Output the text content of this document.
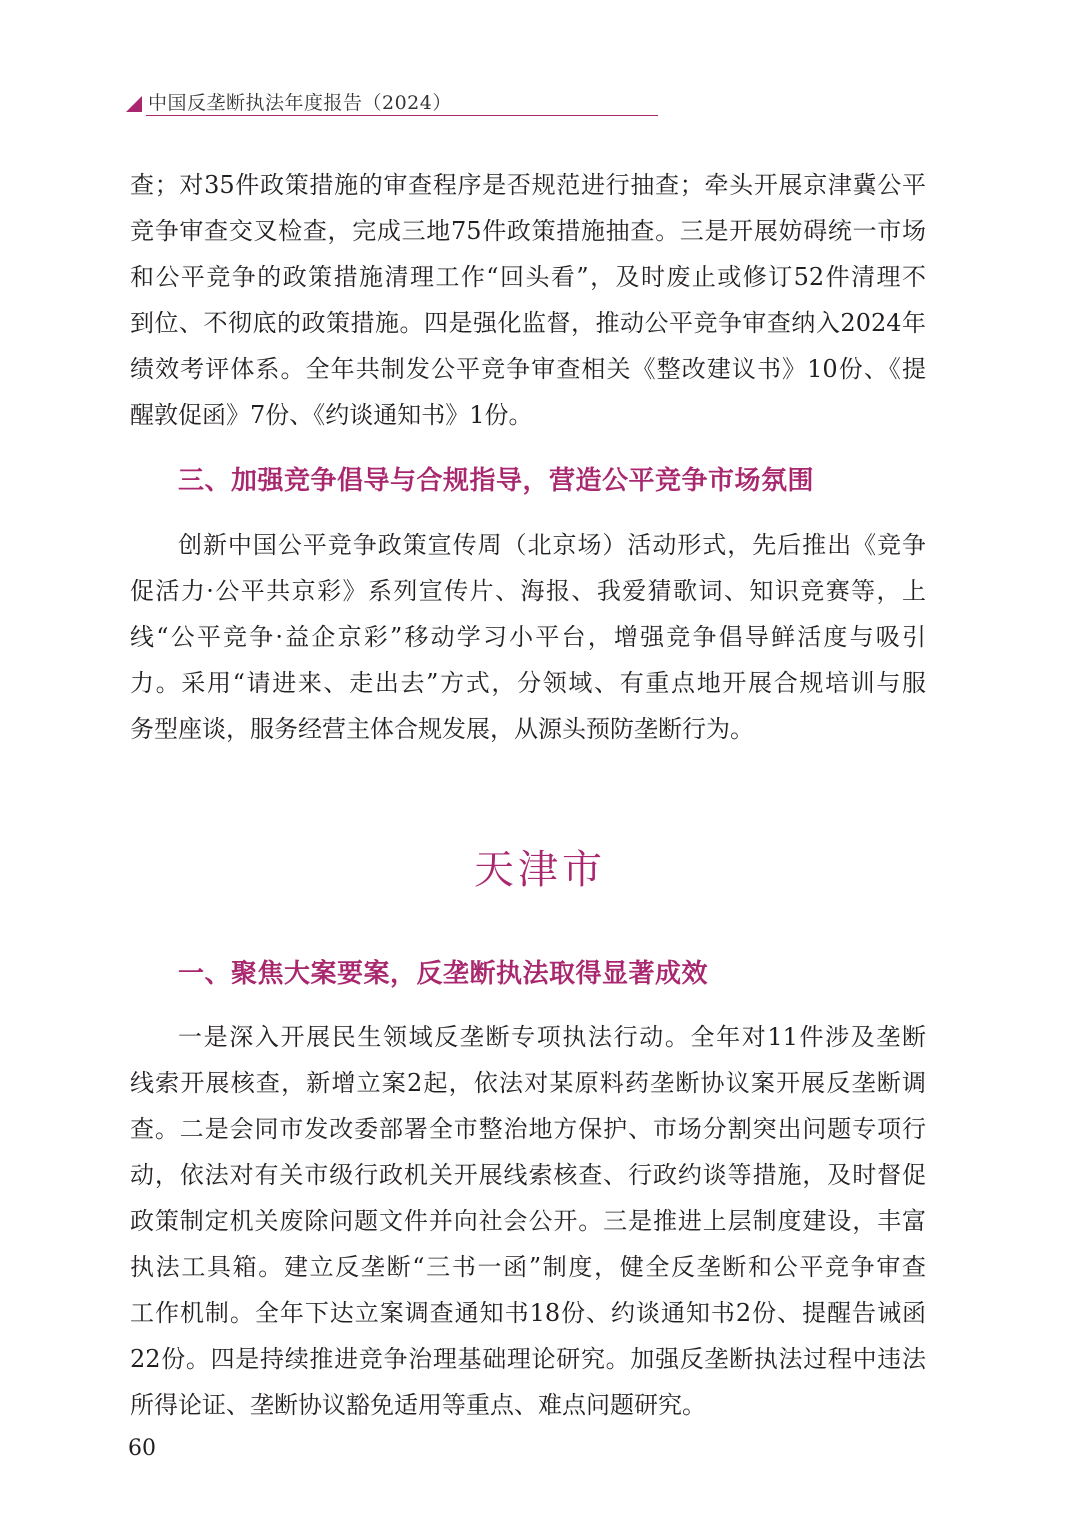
中国反垄断执法年度报告（2024）

查；对35件政策措施的审查程序是否规范进行抽查；牵头开展京津冀公平
竞争审查交叉检查，完成三地75件政策措施抽查。三是开展妨碍统一市场
和公平竞争的政策措施清理工作“回头看”，及时废止或修订52件清理不
到位、不彻底的政策措施。四是强化监督，推动公平竞争审查纳入2024年
绩效考评体系。全年共制发公平竞争审查相关《整改建议书》10份、《提
醒敦促函》7份、《约谈通知书》1份。

三、加强竞争倡导与合规指导，营造公平竞争市场氛围

创新中国公平竞争政策宣传周（北京场）活动形式，先后推出《竞争
促活力·公平共京彩》系列宣传片、海报、我爱猜歌词、知识竞赛等，上
线“公平竞争·益企京彩”移动学习小平台，增强竞争倡导鲜活度与吸引
力。采用“请进来、走出去”方式，分领域、有重点地开展合规培训与服
务型座谈，服务经营主体合规发展，从源头预防垄断行为。

天津市
一、聚焦大案要案，反垄断执法取得显著成效

一是深入开展民生领域反垄断专项执法行动。全年对11件涉及垄断
线索开展核查，新增立案2起，依法对某原料药垄断协议案开展反垄断调
查。二是会同市发改委部署全市整治地方保护、市场分割突出问题专项行
动，依法对有关市级行政机关开展线索核查、行政约谈等措施，及时督促
政策制定机关废除问题文件并向社会公开。三是推进上层制度建设，丰富
执法工具箱。建立反垄断“三书一函”制度，健全反垄断和公平竞争审查
工作机制。全年下达立案调查通知书18份、约谈通知书2份、提醒告诫函
22份。四是持续推进竞争治理基础理论研究。加强反垄断执法过程中违法
所得论证、垄断协议豁免适用等重点、难点问题研究。

60
